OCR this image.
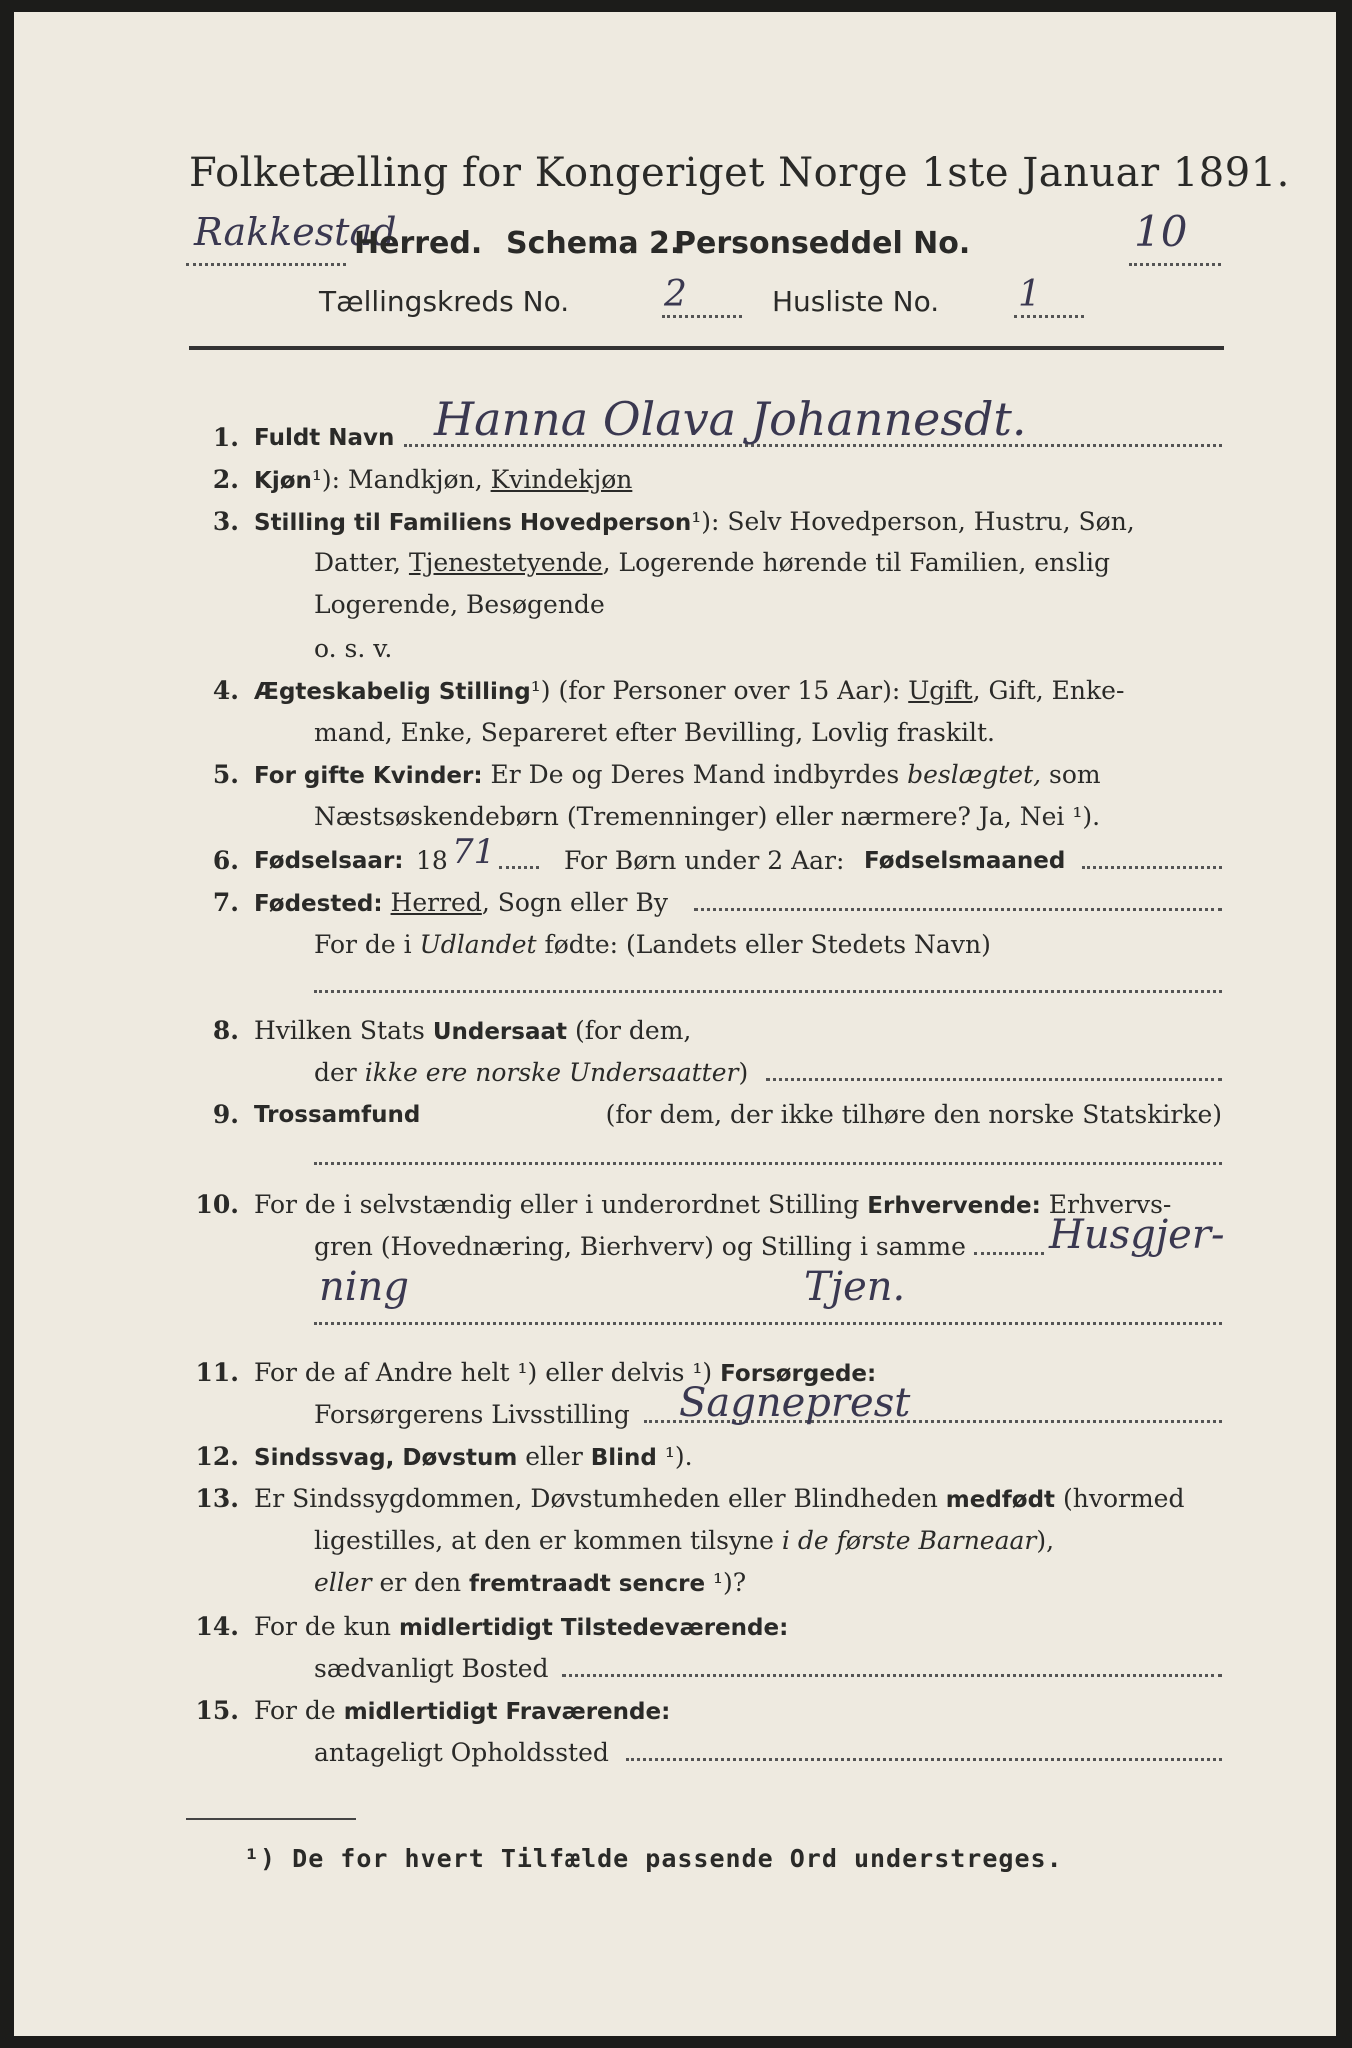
Folketælling for Kongeriget Norge 1ste Januar 1891.
Rakkestad
Herred. Schema 2.
Personseddel No.	10
Tællingskreds No.	2	Husliste No. 1
1. Fuldt Navn Hanna Olava Johannesdt.
2. Kjøn¹): Mandkjøn, Kvindekjøn
3. Stilling til Familiens Hovedperson¹): Selv Hovedperson, Hustru, Søn,
Datter, Tjenestetyende, Logerende hørende til Familien, enslig
Logerende, Besøgende
o. s. v.
4. Ægteskabelig Stilling¹) (for Personer over 15 Aar): Ugift, Gift, Enke-
mand, Enke, Separeret efter Bevilling, Lovlig fraskilt.
5. For gifte Kvinder: Er De og Deres Mand indbyrdes beslægtet, som
Næstsøskendebørn (Tremenninger) eller nærmere? Ja, Nei ¹).
6. Fødselsaar: 18 71	For Børn under 2 Aar: Fødselsmaaned
7. Fødested: Herred, Sogn eller By
For de i Udlandet fødte: (Landets eller Stedets Navn)
8. Hvilken Stats Undersaat (for dem,
der ikke ere norske Undersaatter)
9. Trossamfund	(for dem, der ikke tilhøre den norske Statskirke)
10. For de i selvstændig eller i underordnet Stilling Erhvervende: Erhvervs-
gren (Hovednæring, Bierhverv) og Stilling i samme Husgjer-
ning	Tjen.
11. For de af Andre helt ¹) eller delvis ¹) Forsørgede:
Forsørgerens Livsstilling Sagneprest
12. Sindssvag, Døvstum eller Blind ¹).
13. Er Sindssygdommen, Døvstumheden eller Blindheden medfødt (hvormed
ligestilles, at den er kommen tilsyne i de første Barneaar),
eller er den fremtraadt sencre ¹)?
14. For de kun midlertidigt Tilstedeværende:
sædvanligt Bosted
15. For de midlertidigt Fraværende:
antageligt Opholdssted
¹) De for hvert Tilfælde passende Ord understreges.
